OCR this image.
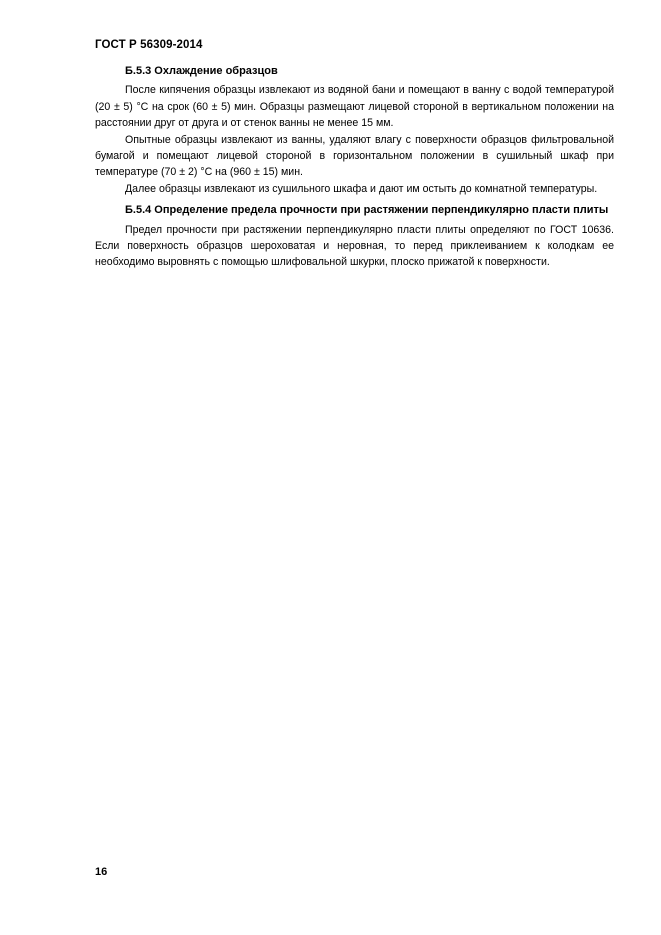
ГОСТ Р 56309-2014

Б.5.3 Охлаждение образцов

После кипячения образцы извлекают из водяной бани и помещают в ванну с водой температурой (20 ± 5) °С на срок (60 ± 5) мин. Образцы размещают лицевой стороной в вертикальном положении на расстоянии друг от друга и от стенок ванны не менее 15 мм.

Опытные образцы извлекают из ванны, удаляют влагу с поверхности образцов фильтровальной бумагой и помещают лицевой стороной в горизонтальном положении в сушильный шкаф при температуре (70 ± 2) °С на (960 ± 15) мин.

Далее образцы извлекают из сушильного шкафа и дают им остыть до комнатной температуры.

Б.5.4 Определение предела прочности при растяжении перпендикулярно пласти плиты

Предел прочности при растяжении перпендикулярно пласти плиты определяют по ГОСТ 10636. Если поверхность образцов шероховатая и неровная, то перед приклеиванием к колодкам ее необходимо выровнять с помощью шлифовальной шкурки, плоско прижатой к поверхности.

16
